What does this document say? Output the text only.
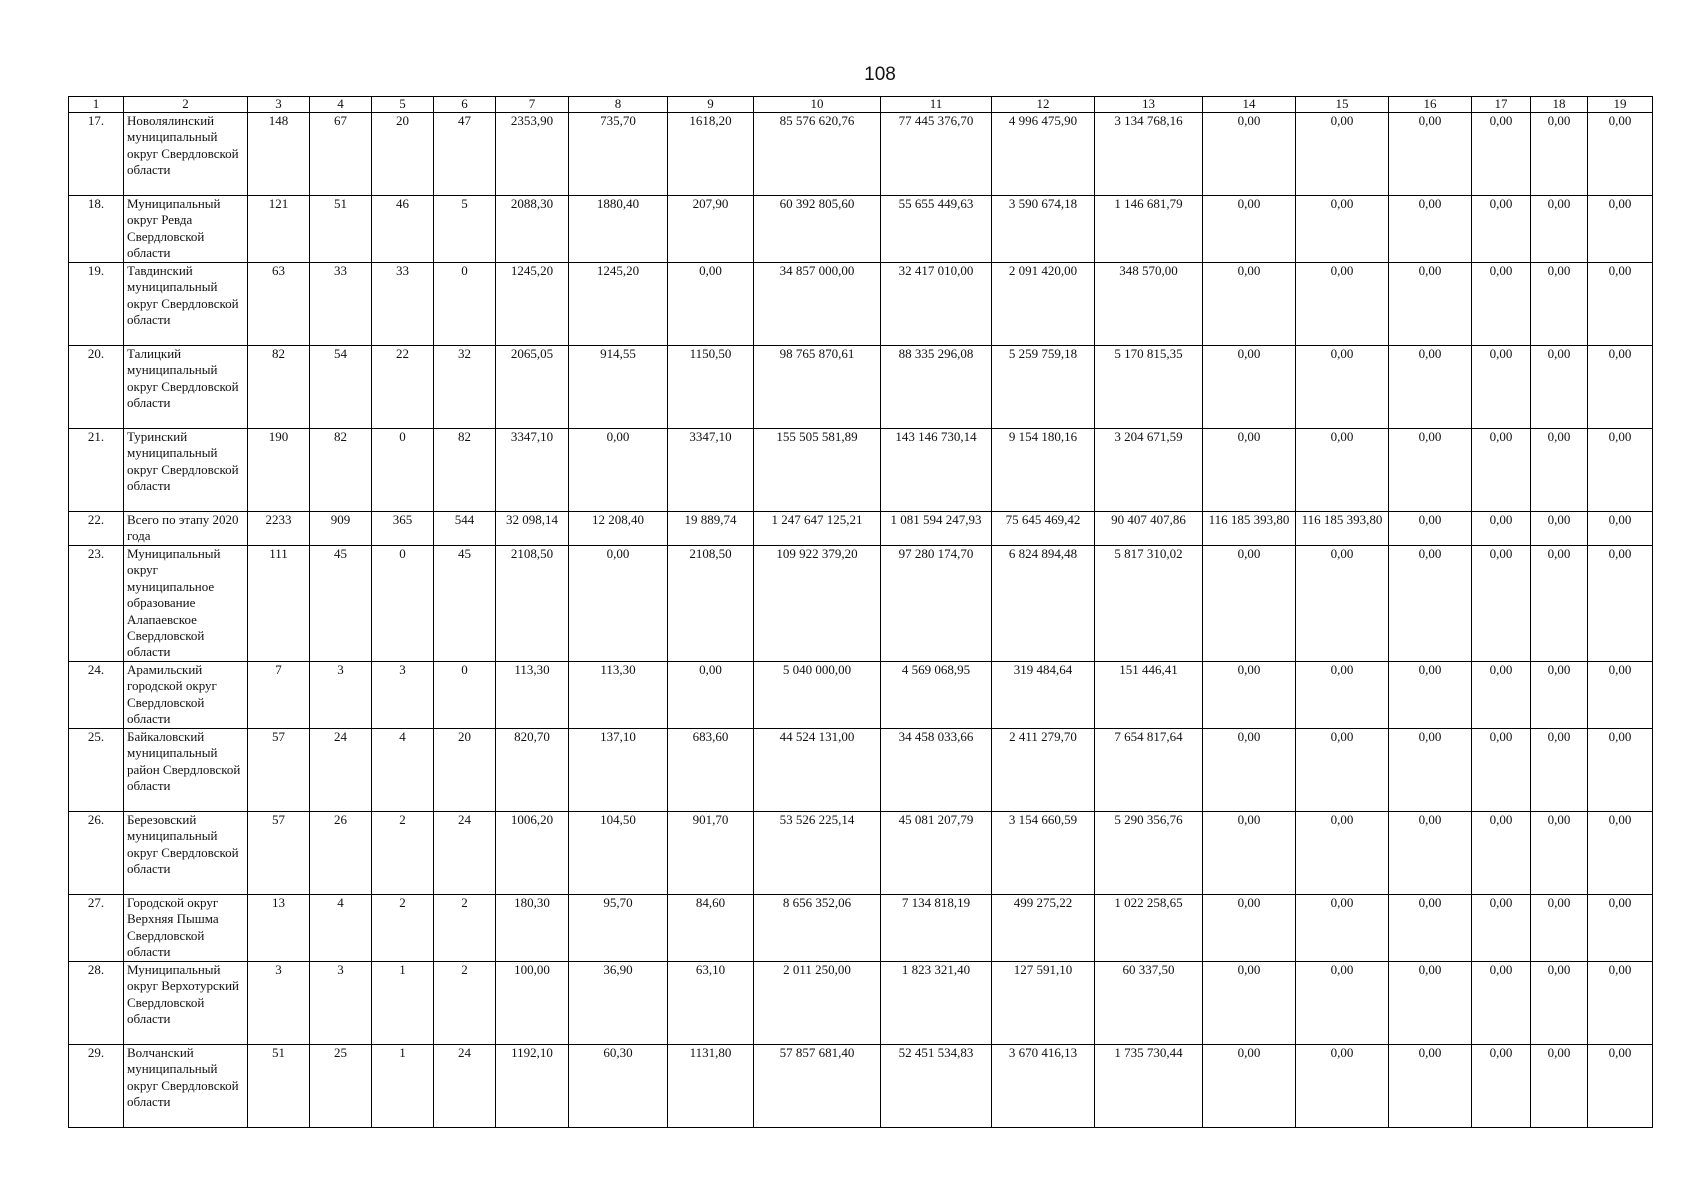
108
1	2	3	4	5	6	7	8	9	10	11	12	13	14	15	16	17	18	19
17.	Новолялинский муниципальный округ Свердловской области	148	67	20	47	2353,90	735,70	1618,20	85 576 620,76	77 445 376,70	4 996 475,90	3 134 768,16	0,00	0,00	0,00	0,00	0,00	0,00
18.	Муниципальный округ Ревда Свердловской области	121	51	46	5	2088,30	1880,40	207,90	60 392 805,60	55 655 449,63	3 590 674,18	1 146 681,79	0,00	0,00	0,00	0,00	0,00	0,00
19.	Тавдинский муниципальный округ Свердловской области	63	33	33	0	1245,20	1245,20	0,00	34 857 000,00	32 417 010,00	2 091 420,00	348 570,00	0,00	0,00	0,00	0,00	0,00	0,00
20.	Талицкий муниципальный округ Свердловской области	82	54	22	32	2065,05	914,55	1150,50	98 765 870,61	88 335 296,08	5 259 759,18	5 170 815,35	0,00	0,00	0,00	0,00	0,00	0,00
21.	Туринский муниципальный округ Свердловской области	190	82	0	82	3347,10	0,00	3347,10	155 505 581,89	143 146 730,14	9 154 180,16	3 204 671,59	0,00	0,00	0,00	0,00	0,00	0,00
22.	Всего по этапу 2020 года	2233	909	365	544	32 098,14	12 208,40	19 889,74	1 247 647 125,21	1 081 594 247,93	75 645 469,42	90 407 407,86	116 185 393,80	116 185 393,80	0,00	0,00	0,00	0,00
23.	Муниципальный округ муниципальное образование Алапаевское Свердловской области	111	45	0	45	2108,50	0,00	2108,50	109 922 379,20	97 280 174,70	6 824 894,48	5 817 310,02	0,00	0,00	0,00	0,00	0,00	0,00
24.	Арамильский городской округ Свердловской области	7	3	3	0	113,30	113,30	0,00	5 040 000,00	4 569 068,95	319 484,64	151 446,41	0,00	0,00	0,00	0,00	0,00	0,00
25.	Байкаловский муниципальный район Свердловской области	57	24	4	20	820,70	137,10	683,60	44 524 131,00	34 458 033,66	2 411 279,70	7 654 817,64	0,00	0,00	0,00	0,00	0,00	0,00
26.	Березовский муниципальный округ Свердловской области	57	26	2	24	1006,20	104,50	901,70	53 526 225,14	45 081 207,79	3 154 660,59	5 290 356,76	0,00	0,00	0,00	0,00	0,00	0,00
27.	Городской округ Верхняя Пышма Свердловской области	13	4	2	2	180,30	95,70	84,60	8 656 352,06	7 134 818,19	499 275,22	1 022 258,65	0,00	0,00	0,00	0,00	0,00	0,00
28.	Муниципальный округ Верхотурский Свердловской области	3	3	1	2	100,00	36,90	63,10	2 011 250,00	1 823 321,40	127 591,10	60 337,50	0,00	0,00	0,00	0,00	0,00	0,00
29.	Волчанский муниципальный округ Свердловской области	51	25	1	24	1192,10	60,30	1131,80	57 857 681,40	52 451 534,83	3 670 416,13	1 735 730,44	0,00	0,00	0,00	0,00	0,00	0,00
